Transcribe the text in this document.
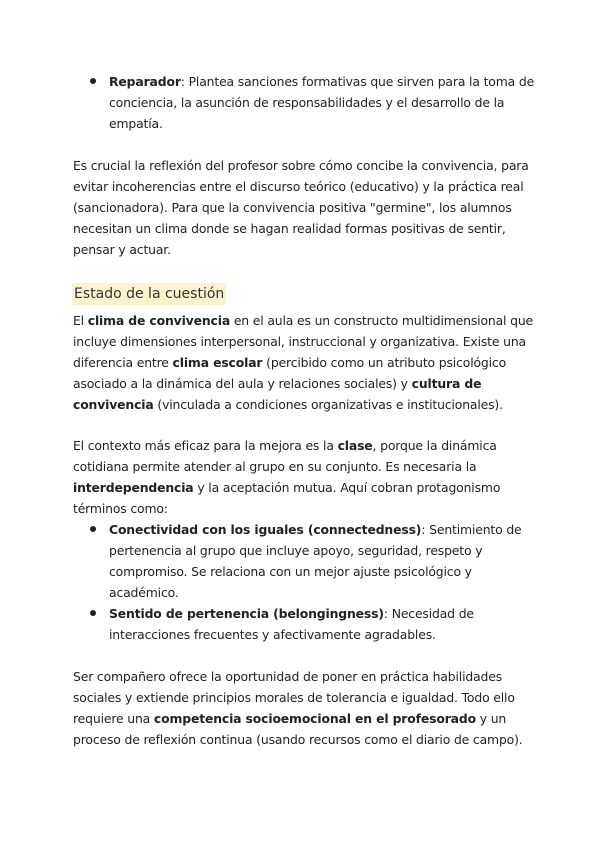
Reparador: Plantea sanciones formativas que sirven para la toma de conciencia, la asunción de responsabilidades y el desarrollo de la empatía.

Es crucial la reflexión del profesor sobre cómo concibe la convivencia, para evitar incoherencias entre el discurso teórico (educativo) y la práctica real (sancionadora). Para que la convivencia positiva "germine", los alumnos necesitan un clima donde se hagan realidad formas positivas de sentir, pensar y actuar.

Estado de la cuestión

El clima de convivencia en el aula es un constructo multidimensional que incluye dimensiones interpersonal, instruccional y organizativa. Existe una diferencia entre clima escolar (percibido como un atributo psicológico asociado a la dinámica del aula y relaciones sociales) y cultura de convivencia (vinculada a condiciones organizativas e institucionales).

El contexto más eficaz para la mejora es la clase, porque la dinámica cotidiana permite atender al grupo en su conjunto. Es necesaria la interdependencia y la aceptación mutua. Aquí cobran protagonismo términos como:

Conectividad con los iguales (connectedness): Sentimiento de pertenencia al grupo que incluye apoyo, seguridad, respeto y compromiso. Se relaciona con un mejor ajuste psicológico y académico.
Sentido de pertenencia (belongingness): Necesidad de interacciones frecuentes y afectivamente agradables.

Ser compañero ofrece la oportunidad de poner en práctica habilidades sociales y extiende principios morales de tolerancia e igualdad. Todo ello requiere una competencia socioemocional en el profesorado y un proceso de reflexión continua (usando recursos como el diario de campo).
